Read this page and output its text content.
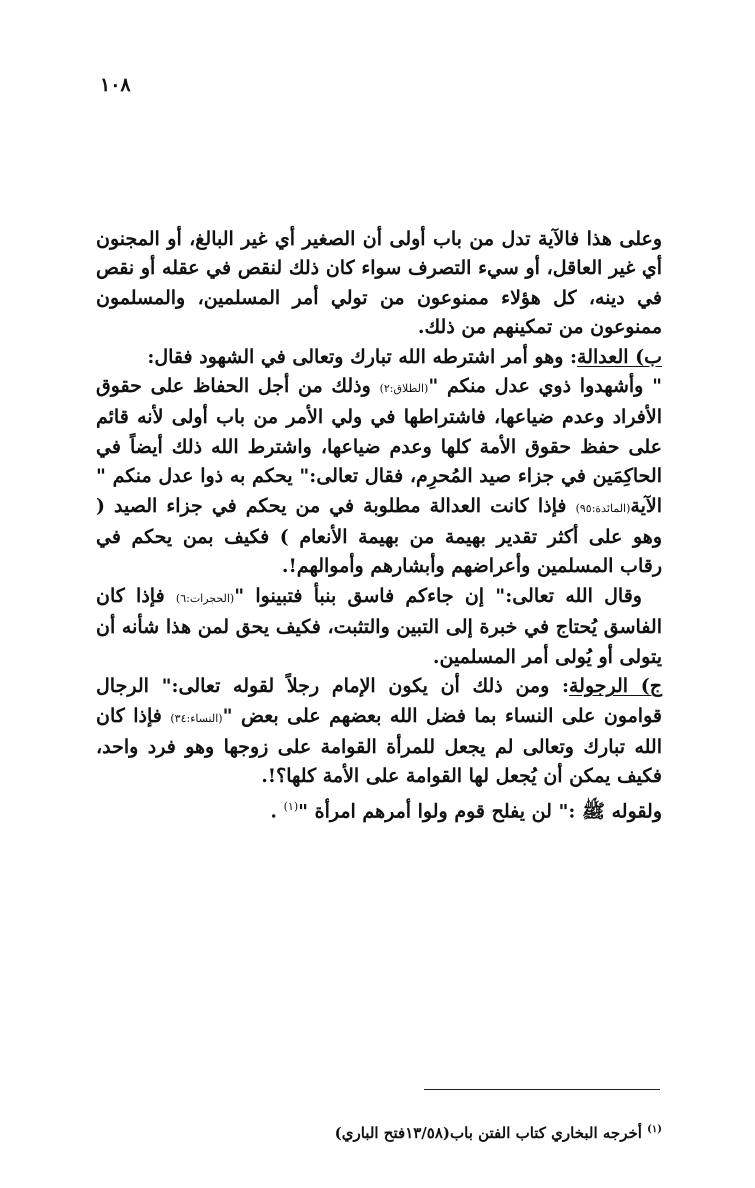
١٠٨

وعلى هذا فالآية تدل من باب أولى أن الصغير أي غير البالغ، أو المجنون أي غير العاقل، أو سيء التصرف سواء كان ذلك لنقص في عقله أو نقص في دينه، كل هؤلاء ممنوعون من تولي أمر المسلمين، والمسلمون ممنوعون من تمكينهم من ذلك.

ب) العدالة: وهو أمر اشترطه الله تبارك وتعالى في الشهود فقال:

" وأشهدوا ذوي عدل منكم "(الطلاق:٢) وذلك من أجل الحفاظ على حقوق الأفراد وعدم ضياعها، فاشتراطها في ولي الأمر من باب أولى لأنه قائم على حفظ حقوق الأمة كلها وعدم ضياعها، واشترط الله ذلك أيضاً في الحاكِمَين في جزاء صيد المُحرِم، فقال تعالى:" يحكم به ذوا عدل منكم " الآية(المائدة:٩٥) فإذا كانت العدالة مطلوبة في من يحكم في جزاء الصيد ( وهو على أكثر تقدير بهيمة من بهيمة الأنعام ) فكيف بمن يحكم في رقاب المسلمين وأعراضهم وأبشارهم وأموالهم!.

وقال الله تعالى:" إن جاءكم فاسق بنبأ فتبينوا "(الحجرات:٦) فإذا كان الفاسق يُحتاج في خبرة إلى التبين والتثبت، فكيف يحق لمن هذا شأنه أن يتولى أو يُولى أمر المسلمين.

ج) الرجولة: ومن ذلك أن يكون الإمام رجلاً لقوله تعالى:" الرجال قوامون على النساء بما فضل الله بعضهم على بعض "(النساء:٣٤) فإذا كان الله تبارك وتعالى لم يجعل للمرأة القوامة على زوجها وهو فرد واحد، فكيف يمكن أن يُجعل لها القوامة على الأمة كلها؟!.

ولقوله ﷺ :" لن يفلح قوم ولوا أمرهم امرأة "$^{(١)}$ .

$^{(١)}$ أخرجه البخاري كتاب الفتن باب(١٣/٥٨فتح الباري)
